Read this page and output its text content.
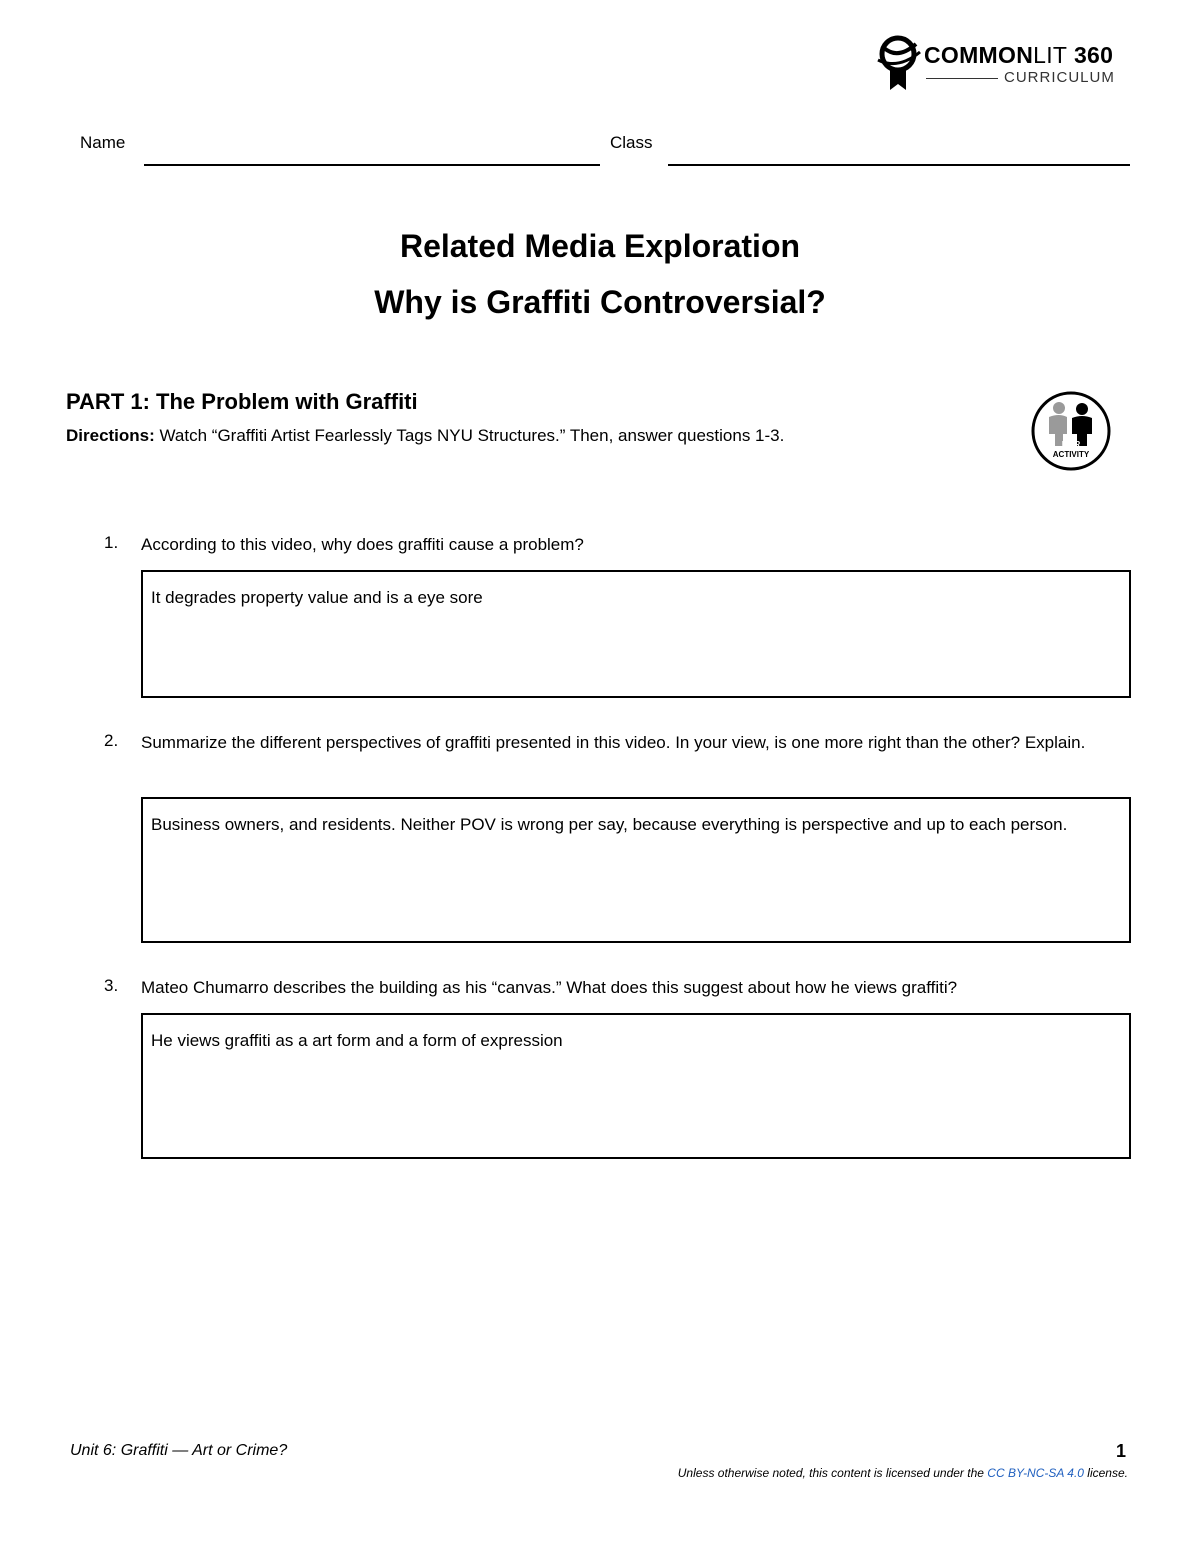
COMMONLIT 360
CURRICULUM
Name	Class
Related Media Exploration
Why is Graffiti Controversial?
PART 1: The Problem with Graffiti
Directions: Watch “Graffiti Artist Fearlessly Tags NYU Structures.” Then, answer questions 1-3.	PAIR
ACTIVITY
1. According to this video, why does graffiti cause a problem?
It degrades property value and is a eye sore
2. Summarize the different perspectives of graffiti presented in this video. In your view, is one more right than the other? Explain.
Business owners, and residents. Neither POV is wrong per say, because everything is perspective and up to each person.
3. Mateo Chumarro describes the building as his “canvas.” What does this suggest about how he views graffiti?
He views graffiti as a art form and a form of expression
Unit 6: Graffiti — Art or Crime?	1
Unless otherwise noted, this content is licensed under the CC BY-NC-SA 4.0 license.
